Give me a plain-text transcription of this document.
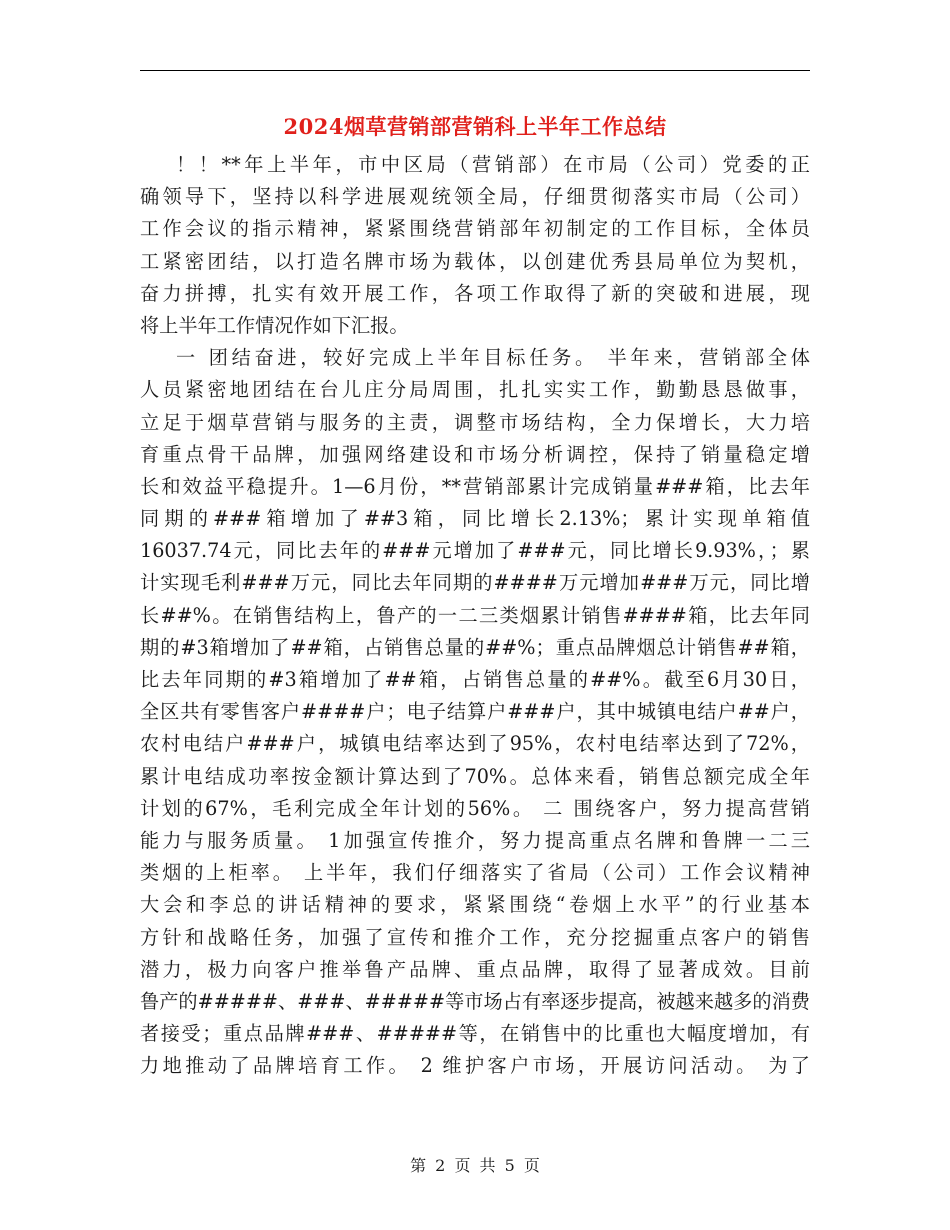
2024烟草营销部营销科上半年工作总结
！！**年上半年，市中区局（营销部）在市局（公司）党委的正
确领导下，坚持以科学进展观统领全局，仔细贯彻落实市局（公司）
工作会议的指示精神，紧紧围绕营销部年初制定的工作目标，全体员
工紧密团结，以打造名牌市场为载体，以创建优秀县局单位为契机，
奋力拼搏，扎实有效开展工作，各项工作取得了新的突破和进展，现
将上半年工作情况作如下汇报。
一 团结奋进，较好完成上半年目标任务。 半年来，营销部全体
人员紧密地团结在台儿庄分局周围，扎扎实实工作，勤勤恳恳做事，
立足于烟草营销与服务的主责，调整市场结构，全力保增长，大力培
育重点骨干品牌，加强网络建设和市场分析调控，保持了销量稳定增
长和效益平稳提升。1—6月份，**营销部累计完成销量###箱，比去年
同期的###箱增加了##3箱，同比增长2.13%；累计实现单箱值
16037.74元，同比去年的###元增加了###元，同比增长9.93%，；累
计实现毛利###万元，同比去年同期的####万元增加###万元，同比增
长##%。在销售结构上，鲁产的一二三类烟累计销售####箱，比去年同
期的#3箱增加了##箱，占销售总量的##%；重点品牌烟总计销售##箱，
比去年同期的#3箱增加了##箱，占销售总量的##%。截至6月30日，
全区共有零售客户####户；电子结算户###户，其中城镇电结户##户，
农村电结户###户，城镇电结率达到了95%，农村电结率达到了72%，
累计电结成功率按金额计算达到了70%。总体来看，销售总额完成全年
计划的67%，毛利完成全年计划的56%。 二 围绕客户，努力提高营销
能力与服务质量。 1加强宣传推介，努力提高重点名牌和鲁牌一二三
类烟的上柜率。 上半年，我们仔细落实了省局（公司）工作会议精神
大会和李总的讲话精神的要求，紧紧围绕“卷烟上水平”的行业基本
方针和战略任务，加强了宣传和推介工作，充分挖掘重点客户的销售
潜力，极力向客户推举鲁产品牌、重点品牌，取得了显著成效。目前
鲁产的#####、###、#####等市场占有率逐步提高，被越来越多的消费
者接受；重点品牌###、#####等，在销售中的比重也大幅度增加，有
力地推动了品牌培育工作。 2 维护客户市场，开展访问活动。 为了
第 2 页 共 5 页
